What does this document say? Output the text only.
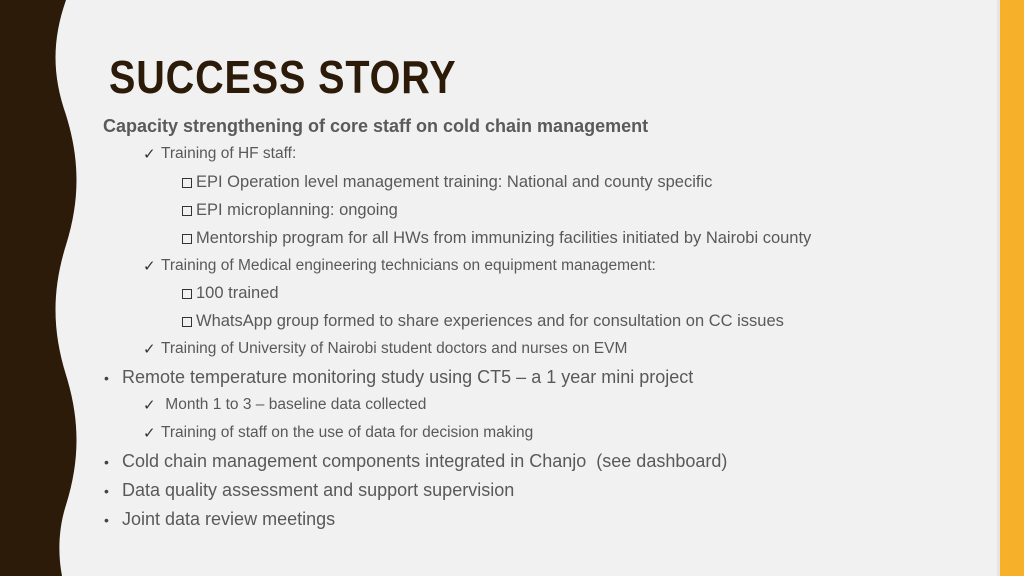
SUCCESS STORY
Capacity strengthening of core staff on cold chain management
✓ Training of HF staff:
EPI Operation level management training: National and county specific
EPI microplanning: ongoing
Mentorship program for all HWs from immunizing facilities initiated by Nairobi county
✓ Training of Medical engineering technicians on equipment management:
100 trained
WhatsApp group formed to share experiences and for consultation on CC issues
✓ Training of University of Nairobi student doctors and nurses on EVM
• Remote temperature monitoring study using CT5 – a 1 year mini project
✓ Month 1 to 3 – baseline data collected
✓ Training of staff on the use of data for decision making
• Cold chain management components integrated in Chanjo  (see dashboard)
• Data quality assessment and support supervision
• Joint data review meetings
